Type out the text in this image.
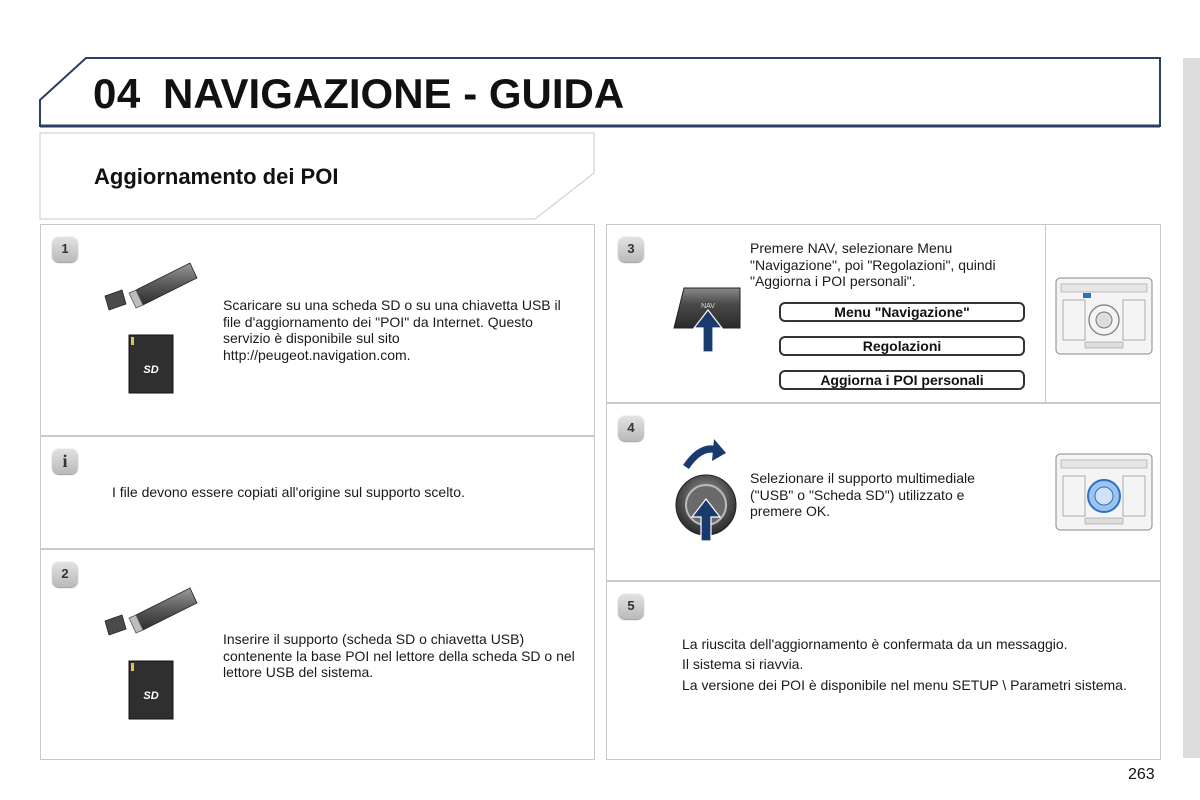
04 NAVIGAZIONE - GUIDA
Aggiornamento dei POI
1
SD
Scaricare su una scheda SD o su una chiavetta USB il file d'aggiornamento dei "POI" da Internet. Questo servizio è disponibile sul sito http://peugeot.navigation.com.
i
I file devono essere copiati all'origine sul supporto scelto.
2
SD
Inserire il supporto (scheda SD o chiavetta USB) contenente la base POI nel lettore della scheda SD o nel lettore USB del sistema.
3
NAV
Premere NAV, selezionare Menu "Navigazione", poi "Regolazioni", quindi "Aggiorna i POI personali".
Menu "Navigazione"
Regolazioni
Aggiorna i POI personali
4
Selezionare il supporto multimediale ("USB" o "Scheda SD") utilizzato e premere OK.
5
La riuscita dell'aggiornamento è confermata da un messaggio.
Il sistema si riavvia.
La versione dei POI è disponibile nel menu SETUP \ Parametri sistema.
263
